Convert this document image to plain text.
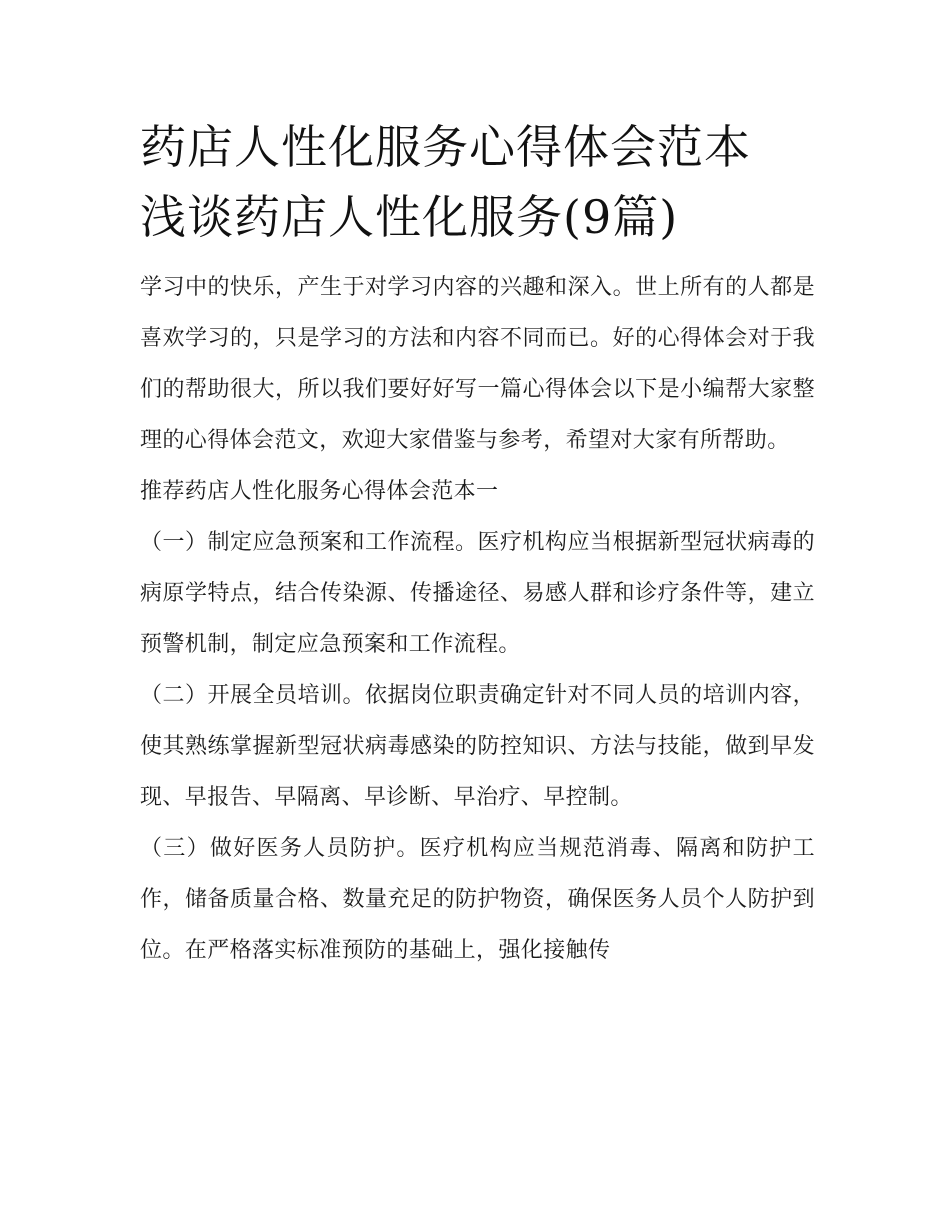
药店人性化服务心得体会范本
浅谈药店人性化服务(9篇)

学习中的快乐，产生于对学习内容的兴趣和深入。世上所有的人都是喜欢学习的，只是学习的方法和内容不同而已。好的心得体会对于我们的帮助很大，所以我们要好好写一篇心得体会以下是小编帮大家整理的心得体会范文，欢迎大家借鉴与参考，希望对大家有所帮助。

推荐药店人性化服务心得体会范本一

（一）制定应急预案和工作流程。医疗机构应当根据新型冠状病毒的病原学特点，结合传染源、传播途径、易感人群和诊疗条件等，建立预警机制，制定应急预案和工作流程。

（二）开展全员培训。依据岗位职责确定针对不同人员的培训内容，使其熟练掌握新型冠状病毒感染的防控知识、方法与技能，做到早发现、早报告、早隔离、早诊断、早治疗、早控制。

（三）做好医务人员防护。医疗机构应当规范消毒、隔离和防护工作，储备质量合格、数量充足的防护物资，确保医务人员个人防护到位。在严格落实标准预防的基础上，强化接触传
